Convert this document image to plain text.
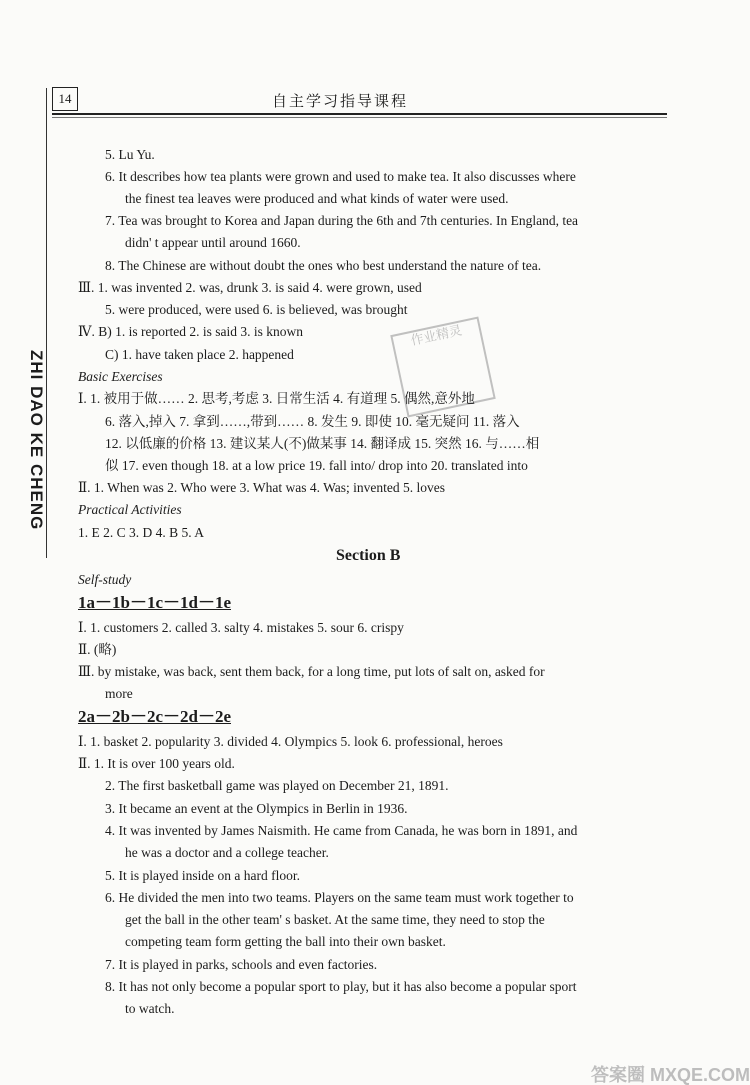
14	自主学习指导课程
ZHI DAO KE CHENG
作业精灵
5. Lu Yu.
6. It describes how tea plants were grown and used to make tea. It also discusses where
the finest tea leaves were produced and what kinds of water were used.
7. Tea was brought to Korea and Japan during the 6th and 7th centuries. In England, tea
didn' t appear until around 1660.
8. The Chinese are without doubt the ones who best understand the nature of tea.
Ⅲ. 1. was invented 2. was, drunk 3. is said 4. were grown, used
5. were produced, were used 6. is believed, was brought
Ⅳ. B) 1. is reported 2. is said 3. is known
C) 1. have taken place 2. happened
Basic Exercises
Ⅰ. 1. 被用于做…… 2. 思考,考虑 3. 日常生活 4. 有道理 5. 偶然,意外地
6. 落入,掉入 7. 拿到……,带到…… 8. 发生 9. 即使 10. 毫无疑问 11. 落入
12. 以低廉的价格 13. 建议某人(不)做某事 14. 翻译成 15. 突然 16. 与……相
似 17. even though 18. at a low price 19. fall into/ drop into 20. translated into
Ⅱ. 1. When was 2. Who were 3. What was 4. Was; invented 5. loves
Practical Activities
1. E 2. C 3. D 4. B 5. A
Section B
Self-study
1a－1b－1c－1d－1e
Ⅰ. 1. customers 2. called 3. salty 4. mistakes 5. sour 6. crispy
Ⅱ. (略)
Ⅲ. by mistake, was back, sent them back, for a long time, put lots of salt on, asked for
more
2a－2b－2c－2d－2e
Ⅰ. 1. basket 2. popularity 3. divided 4. Olympics 5. look 6. professional, heroes
Ⅱ. 1. It is over 100 years old.
2. The first basketball game was played on December 21, 1891.
3. It became an event at the Olympics in Berlin in 1936.
4. It was invented by James Naismith. He came from Canada, he was born in 1891, and
he was a doctor and a college teacher.
5. It is played inside on a hard floor.
6. He divided the men into two teams. Players on the same team must work together to
get the ball in the other team' s basket. At the same time, they need to stop the
competing team form getting the ball into their own basket.
7. It is played in parks, schools and even factories.
8. It has not only become a popular sport to play, but it has also become a popular sport
to watch.
答案圈 MXQE.COM
